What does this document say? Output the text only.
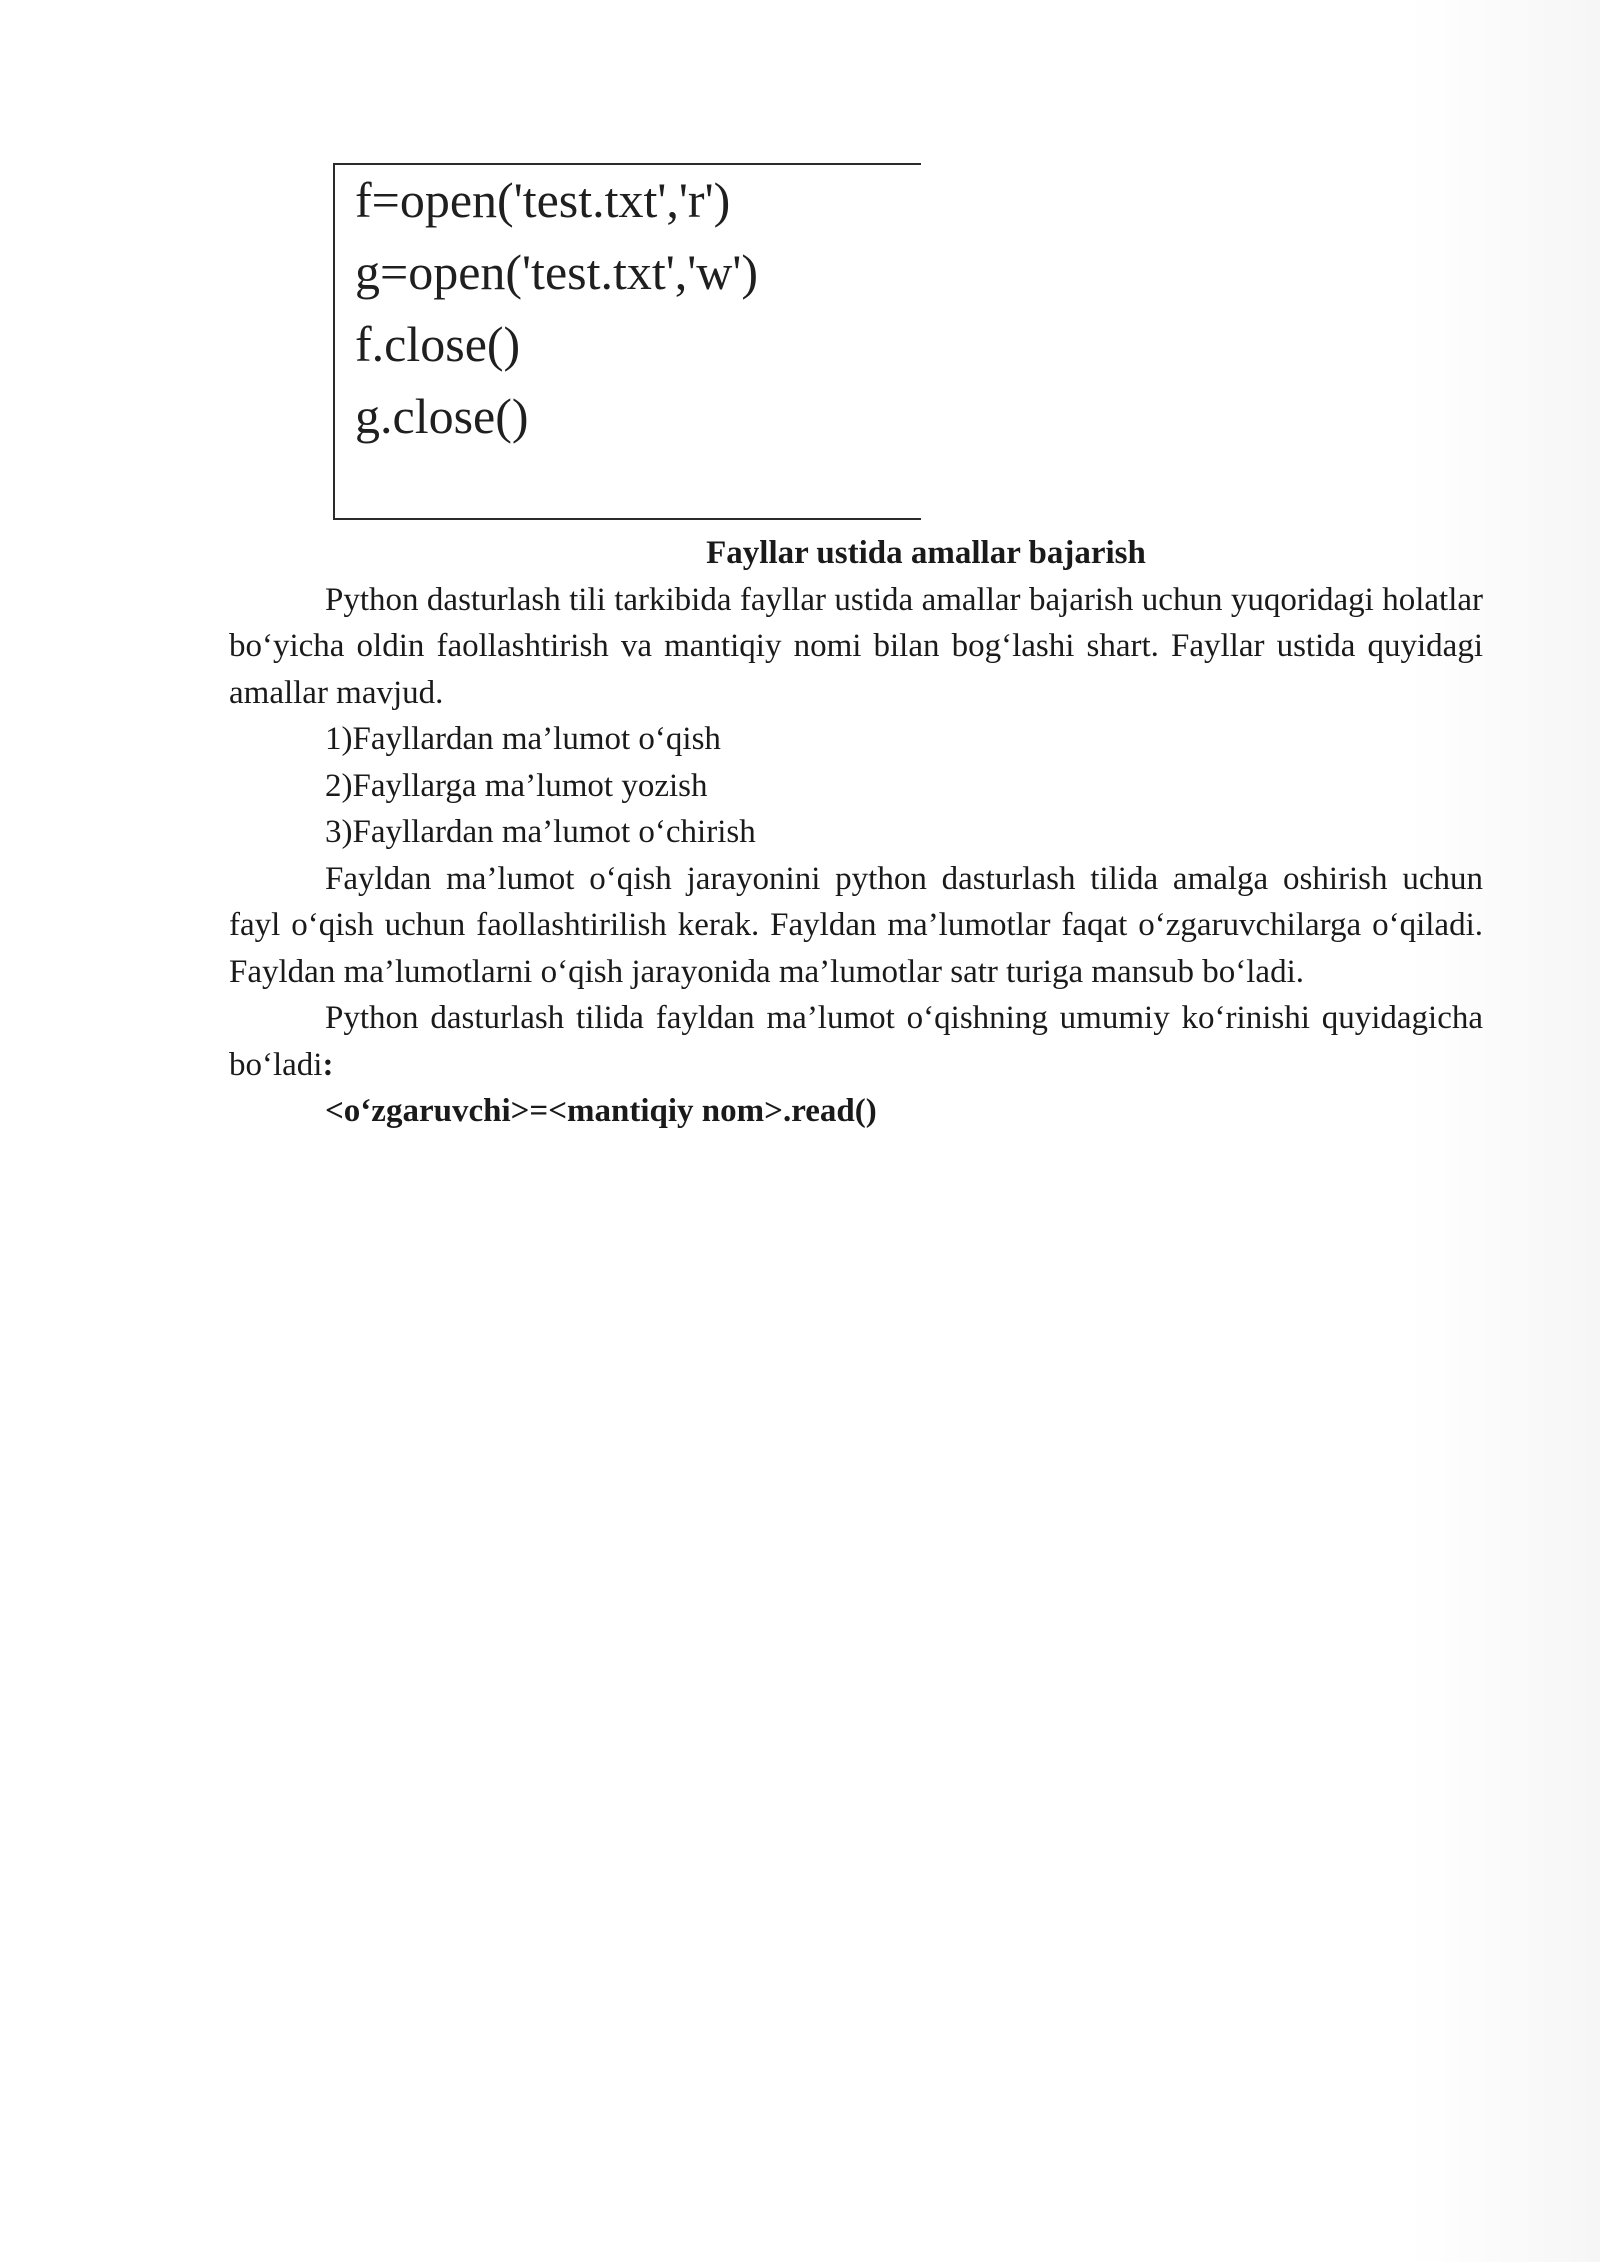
f=open('test.txt','r')
g=open('test.txt','w')
f.close()
g.close()

Fayllar ustida amallar bajarish

Python dasturlash tili tarkibida fayllar ustida amallar bajarish uchun yuqoridagi holatlar bo‘yicha oldin faollashtirish va mantiqiy nomi bilan bog‘lashi shart. Fayllar ustida quyidagi amallar mavjud.

1)Fayllardan ma’lumot o‘qish

2)Fayllarga ma’lumot yozish

3)Fayllardan ma’lumot o‘chirish

Fayldan ma’lumot o‘qish jarayonini python dasturlash tilida amalga oshirish uchun fayl o‘qish uchun faollashtirilish kerak. Fayldan ma’lumotlar faqat o‘zgaruvchilarga o‘qiladi. Fayldan ma’lumotlarni o‘qish jarayonida ma’lumotlar satr turiga mansub bo‘ladi.

Python dasturlash tilida fayldan ma’lumot o‘qishning umumiy ko‘rinishi quyidagicha bo‘ladi:

<o‘zgaruvchi>=<mantiqiy nom>.read()
